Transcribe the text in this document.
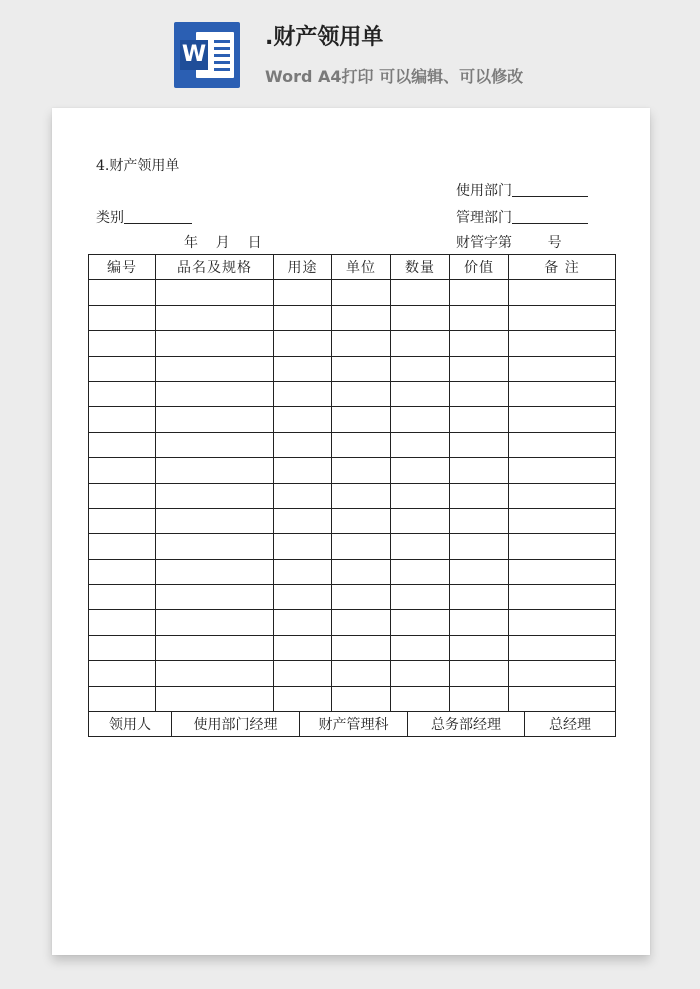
W
.财产领用单
Word A4打印 可以编辑、可以修改
4.财产领用单
使用部门
类别	管理部门
年    月    日	财管字第        号
编号	品名及规格	用途	单位	数量	价值	备 注

领用人 使用部门经理 财产管理科 总务部经理 总经理						
